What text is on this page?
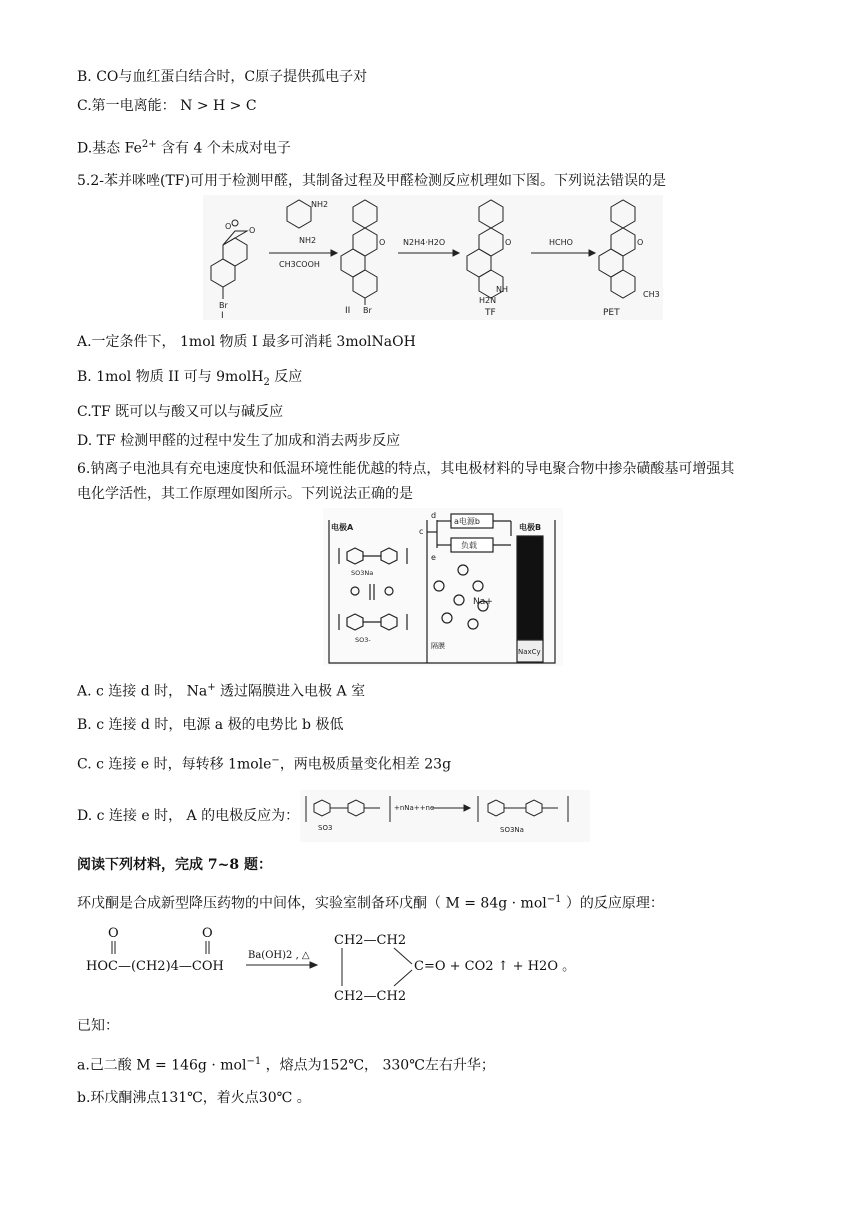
B. CO与血红蛋白结合时，C原子提供孤电子对
C.第一电离能： N > H > C
D.基态 $Fe^{2+}$ 含有 4 个未成对电子
5.2-苯并咪唑(TF)可用于检测甲醛，其制备过程及甲醛检测反应机理如下图。下列说法错误的是
O O
Br
I
NH2
NH2
CH3COOH
O
Br
II
N2H4·H2O	O
NH
H2N
TF
HCHO	O
CH3
PET
A.一定条件下， 1mol 物质 I 最多可消耗 3molNaOH
B. 1mol 物质 II 可与 9molH$_2$ 反应
C.TF 既可以与酸又可以与碱反应
D. TF 检测甲醛的过程中发生了加成和消去两步反应
6.钠离子电池具有充电速度快和低温环境性能优越的特点，其电极材料的导电聚合物中掺杂磺酸基可增强其
电化学活性，其工作原理如图所示。下列说法正确的是
电极A	电极B
NaxCy
a电源b
负载
d
c
e
SO3Na
SO3-
Na+
隔膜
A. c 连接 d 时， Na+ 透过隔膜进入电极 A 室
B. c 连接 d 时，电源 a 极的电势比 b 极低
C. c 连接 e 时，每转移 1mole−，两电极质量变化相差 23g
D. c 连接 e 时， A 的电极反应为：
SO3
+nNa++ne−
SO3Na
阅读下列材料，完成 7~8 题：
环戊酮是合成新型降压药物的中间体，实验室制备环戊酮（ M = 84g · mol$^{-1}$ ）的反应原理：
O	O
HOC—(CH2)4—COH
Ba(OH)2 , △
CH2—CH2
CH2—CH2
C=O + CO2 ↑ + H2O 。
已知：
a.己二酸 M = 146g · mol$^{-1}$ ，熔点为152℃， 330℃左右升华；
b.环戊酮沸点131℃，着火点30℃ 。
